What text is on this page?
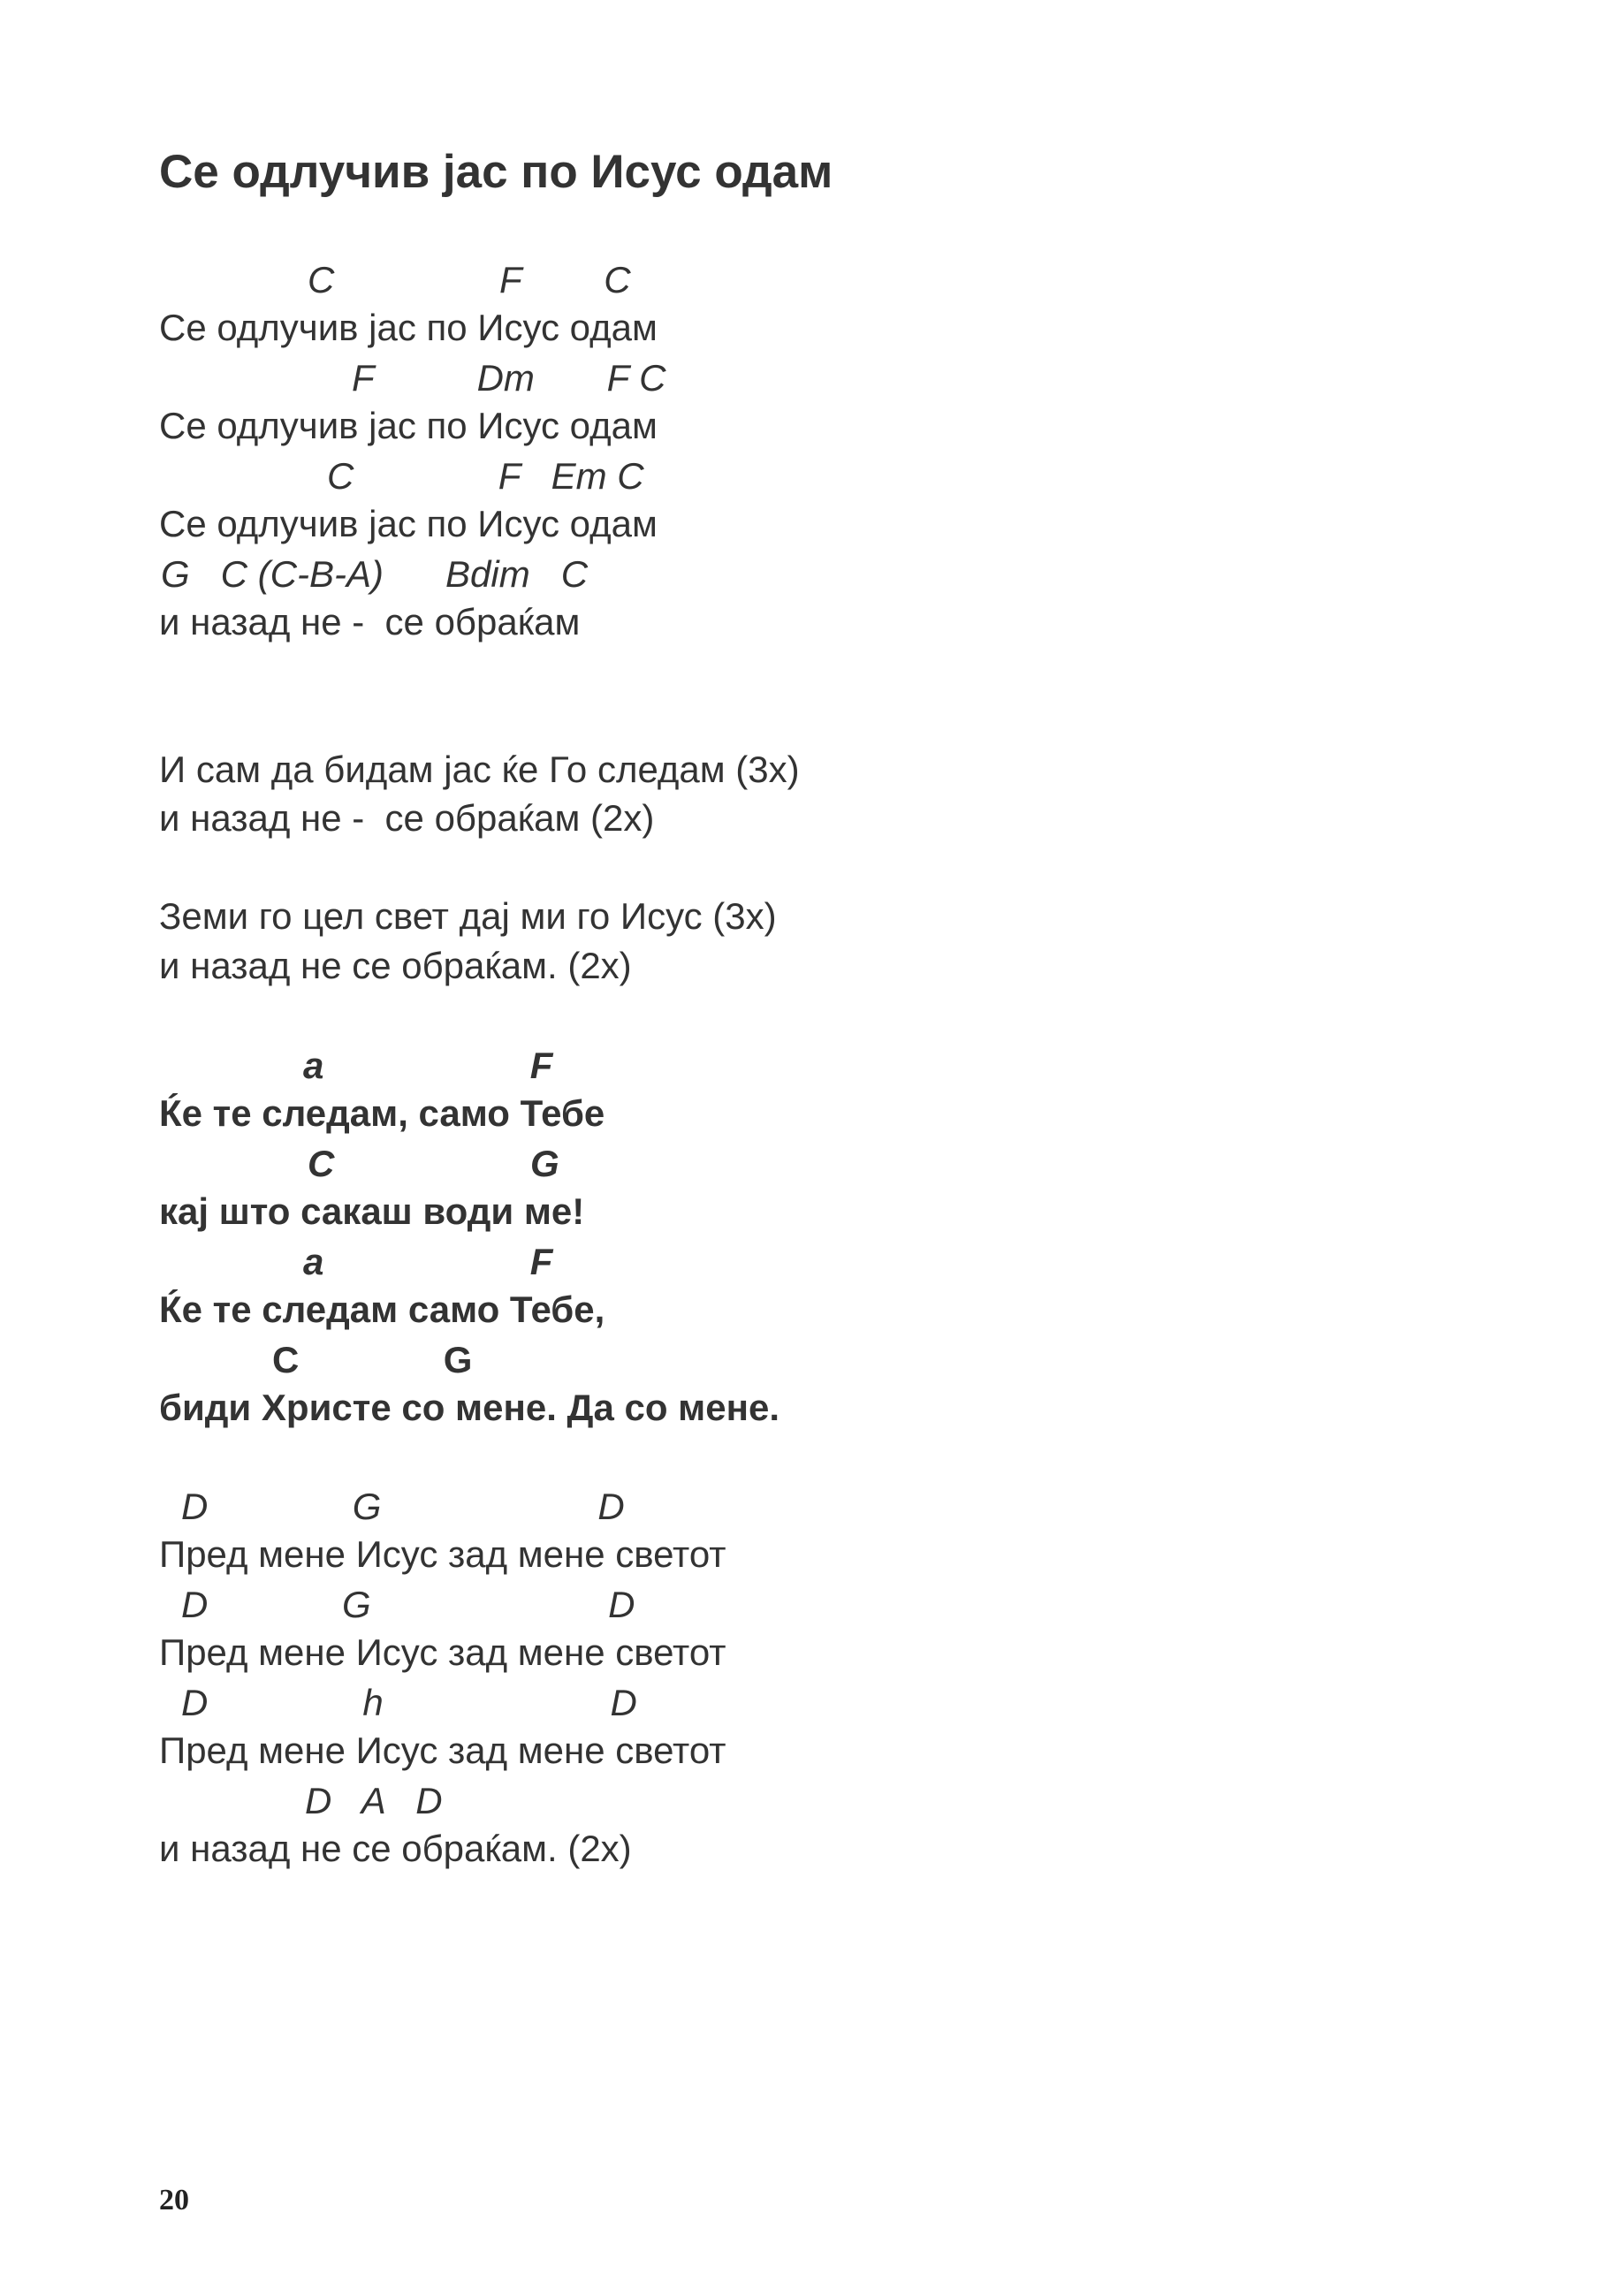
Се одлучив јас по Исус одам

C                F        C

Се одлучив јас по Исус одам

F          Dm       F C

Се одлучив јас по Исус одам

C              F   Em C

Се одлучив јас по Исус одам

G   C (C-B-A)      Bdim   C

и назад не -  се обраќам

И сам да бидам јас ќе Го следам (3x)

и назад не -  се обраќам (2x)

Земи го цел свет дај ми го Исус (3x)

и назад не се обраќам. (2x)

a                    F

Ќе те следам, само Тебе

C                   G

кај што сакаш води ме!

a                    F

Ќе те следам само Тебе,

C              G

биди Христе со мене. Да со мене.

D              G                     D

Пред мене Исус зад мене светот

D             G                       D

Пред мене Исус зад мене светот

D               h                      D

Пред мене Исус зад мене светот

D   A   D

и назад не се обраќам. (2x)

20
